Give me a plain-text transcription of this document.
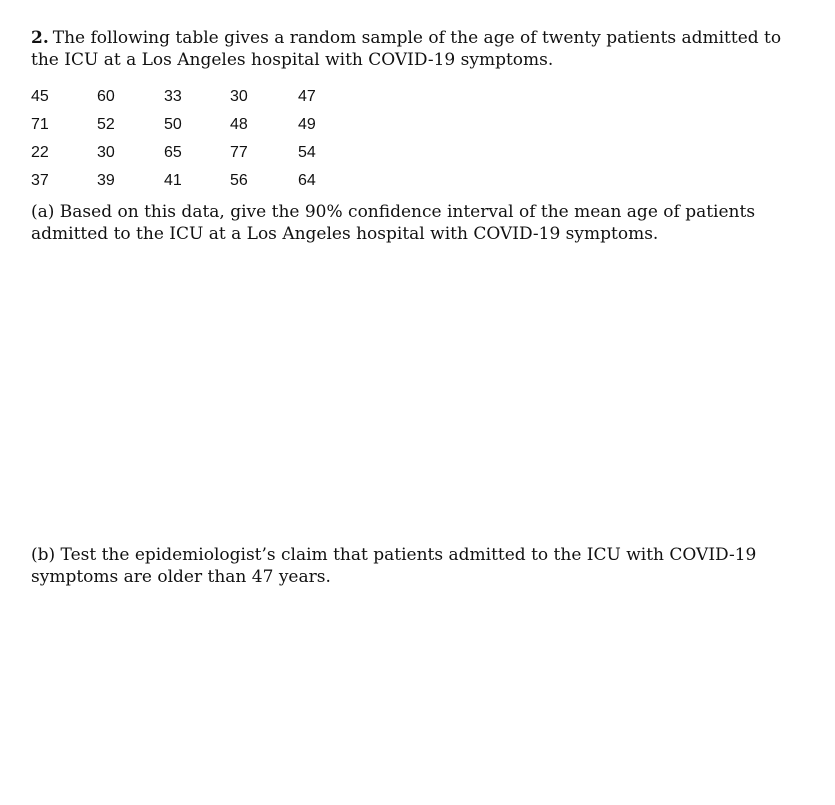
2. The following table gives a random sample of the age of twenty patients admitted to the ICU at a Los Angeles hospital with COVID-19 symptoms.
45	60	33	30	47
71	52	50	48	49
22	30	65	77	54
37	39	41	56	64
(a) Based on this data, give the 90% confidence interval of the mean age of patients admitted to the ICU at a Los Angeles hospital with COVID-19 symptoms.
(b) Test the epidemiologist’s claim that patients admitted to the ICU with COVID-19 symptoms are older than 47 years.
